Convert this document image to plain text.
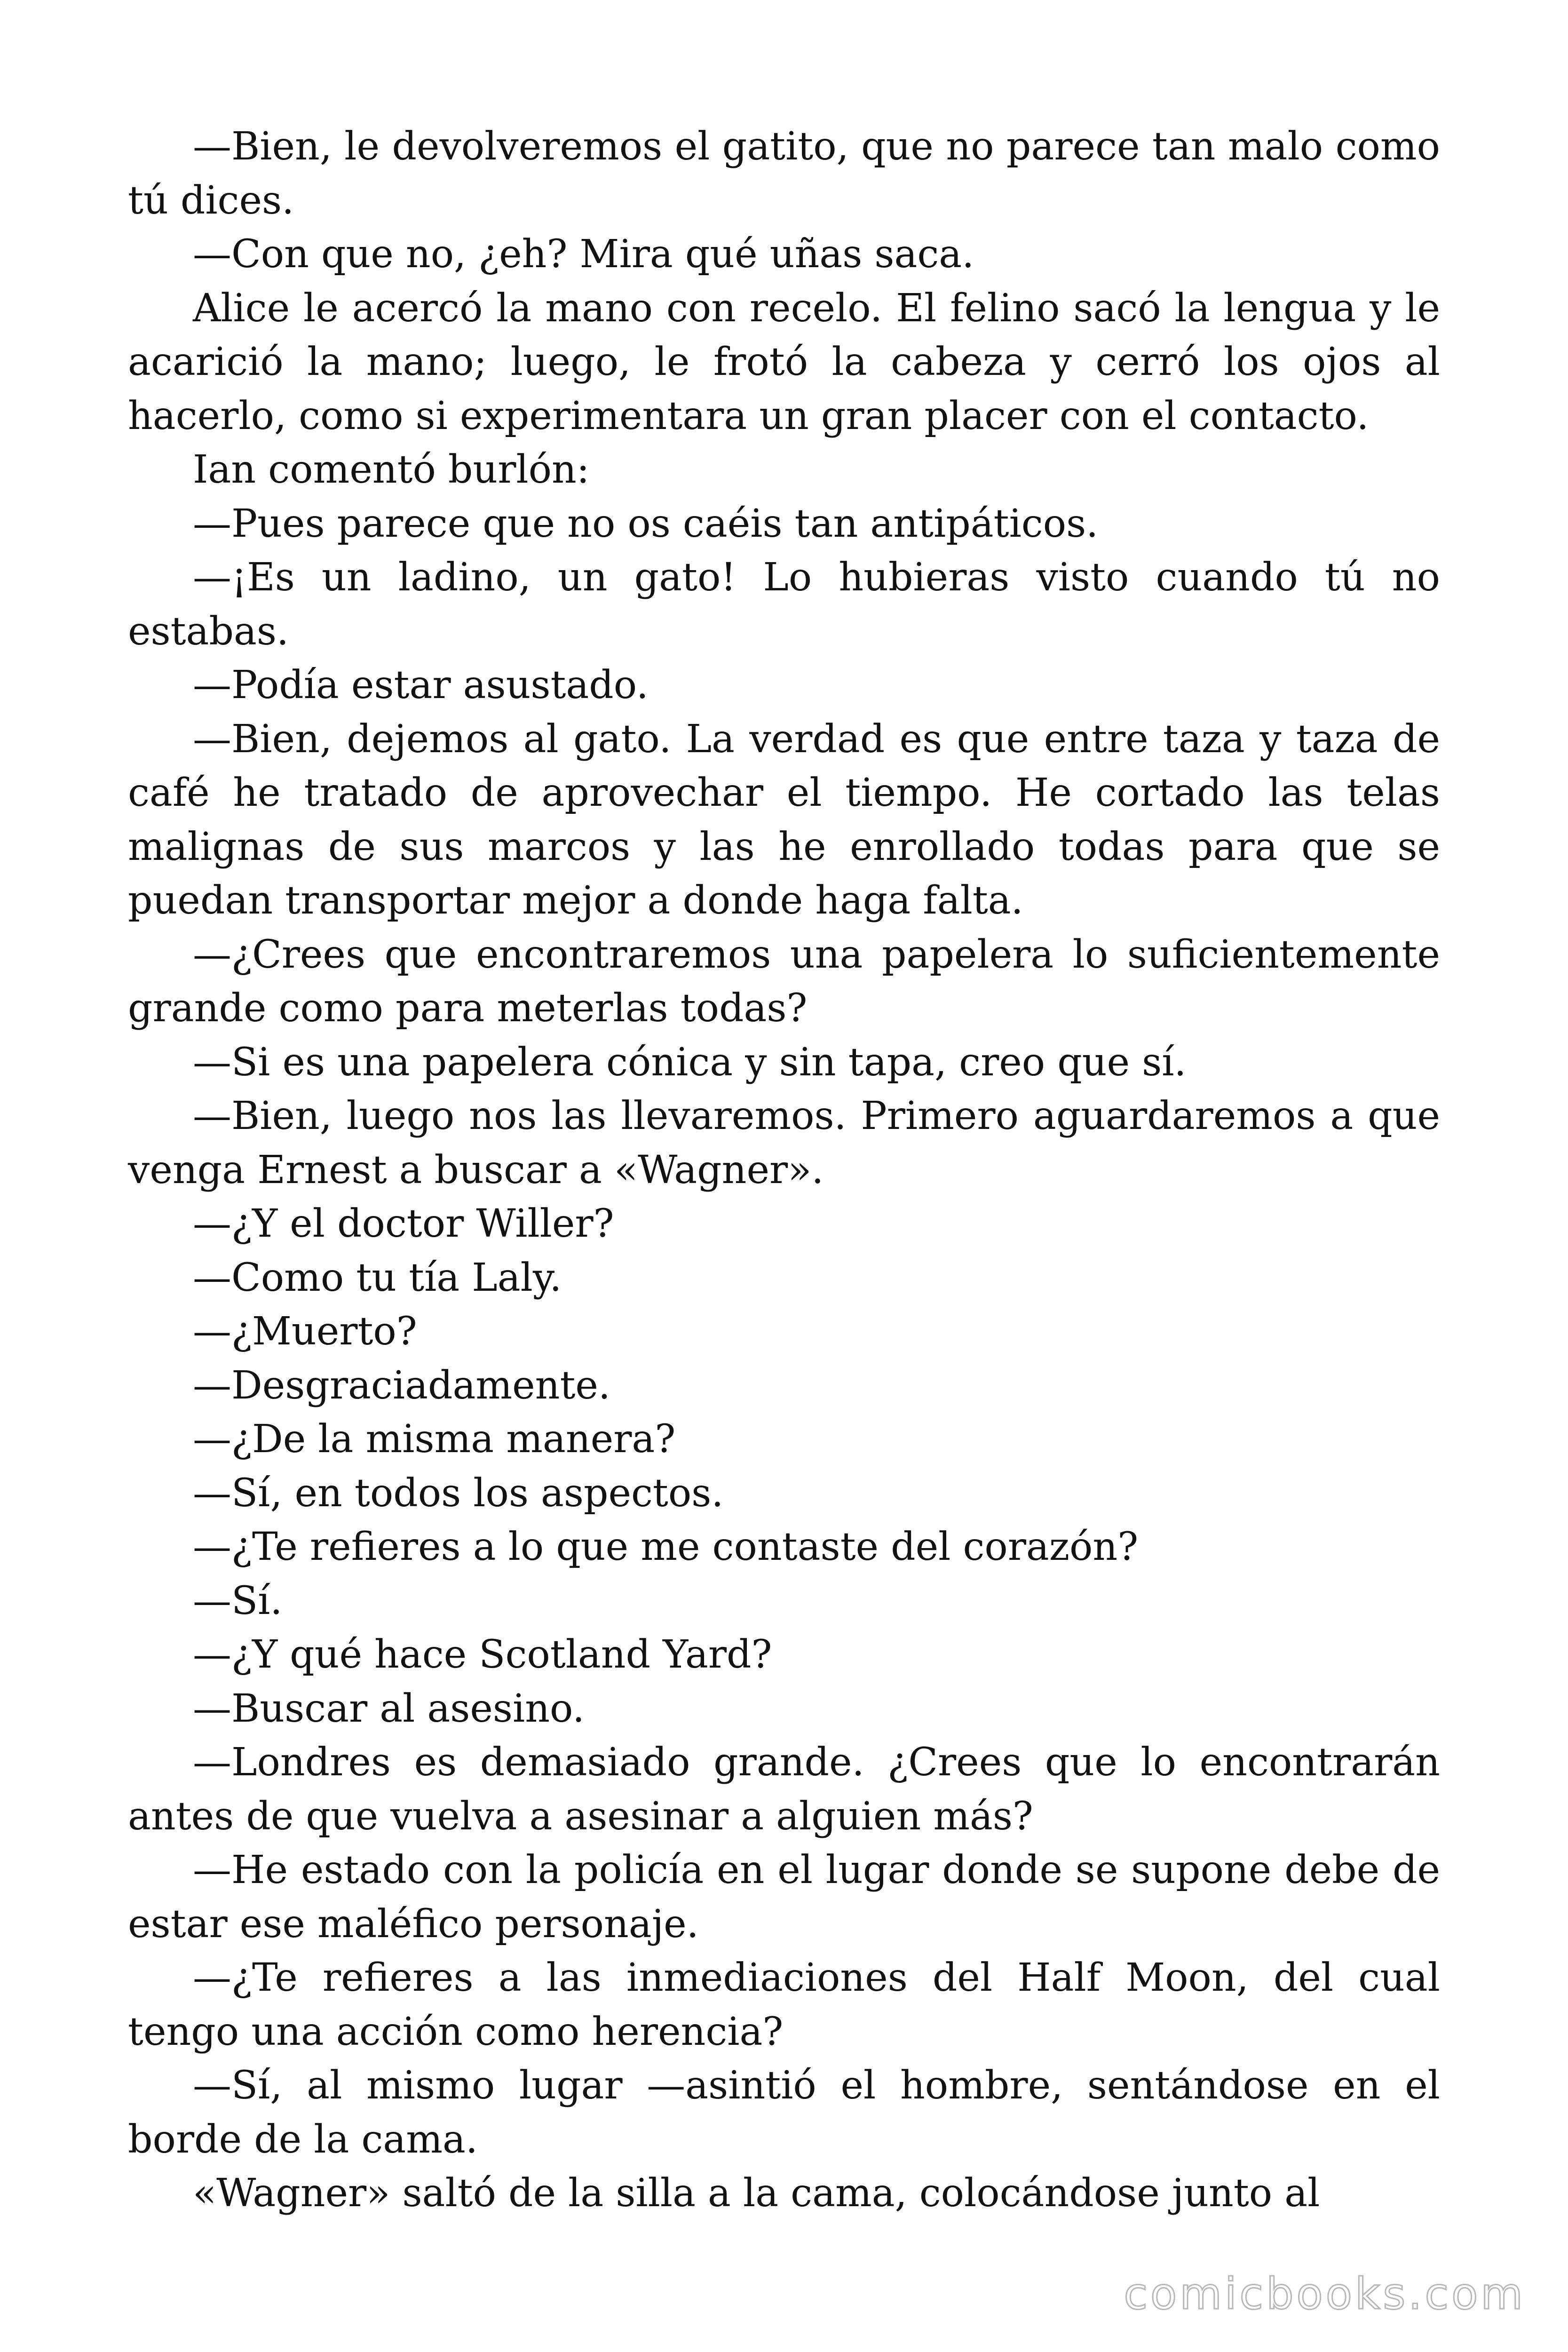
—Bien, le devolveremos el gatito, que no parece tan malo como tú dices.

—Con que no, ¿eh? Mira qué uñas saca.

Alice le acercó la mano con recelo. El felino sacó la lengua y le acarició la mano; luego, le frotó la cabeza y cerró los ojos al hacerlo, como si experimentara un gran placer con el contacto.

Ian comentó burlón:

—Pues parece que no os caéis tan antipáticos.

—¡Es un ladino, un gato! Lo hubieras visto cuando tú no estabas.

—Podía estar asustado.

—Bien, dejemos al gato. La verdad es que entre taza y taza de café he tratado de aprovechar el tiempo. He cortado las telas malignas de sus marcos y las he enrollado todas para que se puedan transportar mejor a donde haga falta.

—¿Crees que encontraremos una papelera lo suficientemente grande como para meterlas todas?

—Si es una papelera cónica y sin tapa, creo que sí.

—Bien, luego nos las llevaremos. Primero aguardaremos a que venga Ernest a buscar a «Wagner».

—¿Y el doctor Willer?

—Como tu tía Laly.

—¿Muerto?

—Desgraciadamente.

—¿De la misma manera?

—Sí, en todos los aspectos.

—¿Te refieres a lo que me contaste del corazón?

—Sí.

—¿Y qué hace Scotland Yard?

—Buscar al asesino.

—Londres es demasiado grande. ¿Crees que lo encontrarán antes de que vuelva a asesinar a alguien más?

—He estado con la policía en el lugar donde se supone debe de estar ese maléfico personaje.

—¿Te refieres a las inmediaciones del Half Moon, del cual tengo una acción como herencia?

—Sí, al mismo lugar —asintió el hombre, sentándose en el borde de la cama.

«Wagner» saltó de la silla a la cama, colocándose junto al

comicbooks.com
